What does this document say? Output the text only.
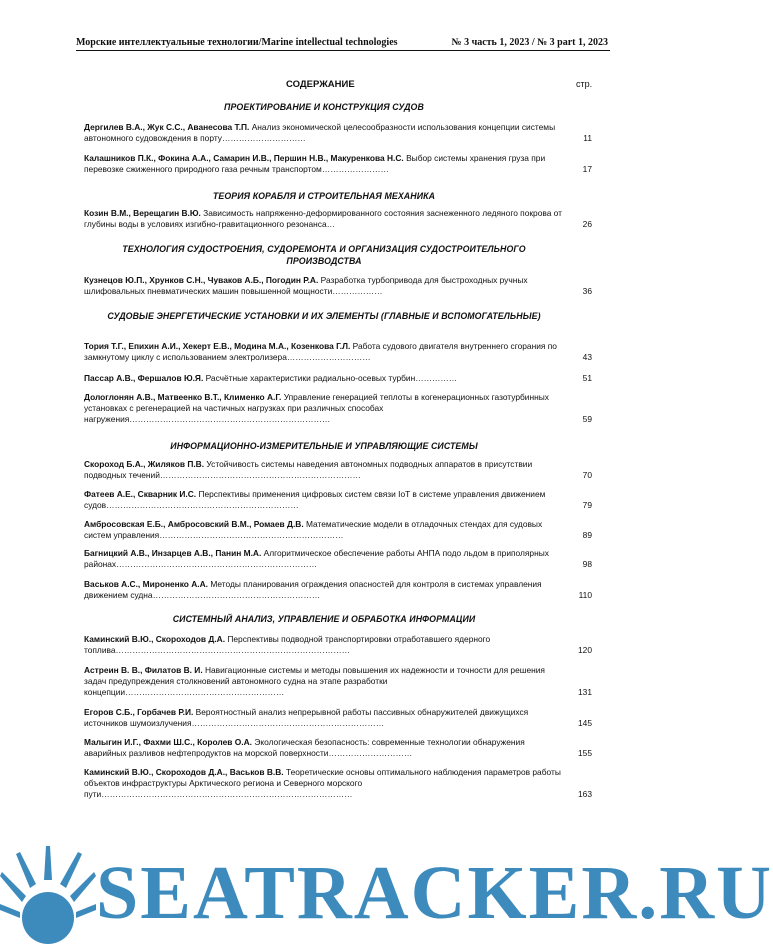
Морские интеллектуальные технологии/Marine intellectual technologies	№ 3 часть 1, 2023 / № 3 part 1, 2023
СОДЕРЖАНИЕ	стр.
ПРОЕКТИРОВАНИЕ И КОНСТРУКЦИЯ СУДОВ
ТЕОРИЯ КОРАБЛЯ И СТРОИТЕЛЬНАЯ МЕХАНИКА
ТЕХНОЛОГИЯ СУДОСТРОЕНИЯ, СУДОРЕМОНТА И ОРГАНИЗАЦИЯ СУДОСТРОИТЕЛЬНОГО ПРОИЗВОДСТВА
СУДОВЫЕ ЭНЕРГЕТИЧЕСКИЕ УСТАНОВКИ И ИХ ЭЛЕМЕНТЫ (ГЛАВНЫЕ И ВСПОМОГАТЕЛЬНЫЕ)
ИНФОРМАЦИОННО-ИЗМЕРИТЕЛЬНЫЕ И УПРАВЛЯЮЩИЕ СИСТЕМЫ
СИСТЕМНЫЙ АНАЛИЗ, УПРАВЛЕНИЕ И ОБРАБОТКА ИНФОРМАЦИИ
Дергилев В.А., Жук С.С., Аванесова Т.П. Анализ экономической целесообразности использования концепции системы автономного судовождения в порту…………………………	11
Калашников П.К., Фокина А.А., Самарин И.В., Першин Н.В., Макуренкова Н.С. Выбор системы хранения груза при перевозке сжиженного природного газа речным транспортом……………………	17
Козин В.М., Верещагин В.Ю. Зависимость напряженно-деформированного состояния заснеженного ледяного покрова от глубины воды в условиях изгибно-гравитационного резонанса…	26
Кузнецов Ю.П., Хрунков С.Н., Чуваков А.Б., Погодин Р.А. Разработка турбопривода для быстроходных ручных шлифовальных пневматических машин повышенной мощности………………	36
Тория Т.Г., Епихин А.И., Хекерт Е.В., Модина М.А., Козенкова Г.Л. Работа судового двигателя внутреннего сгорания по замкнутому циклу с использованием электролизера…………………………	43
Пассар А.В., Фершалов Ю.Я. Расчётные характеристики радиально-осевых турбин……………	51
Дологлонян А.В., Матвеенко В.Т., Клименко А.Г. Управление генерацией теплоты в когенерационных газотурбинных установках с регенерацией на частичных нагрузках при различных способах нагружения………………………………………………………………	59
Скороход Б.А., Жиляков П.В. Устойчивость системы наведения автономных подводных аппаратов в присутствии подводных течений………………………………………………………………	70
Фатеев А.Е., Скварник И.С. Перспективы применения цифровых систем связи IoT в системе управления движением судов……………………………………………………………	79
Амбросовская Е.Б., Амбросовский В.М., Ромаев Д.В. Математические модели в отладочных стендах для судовых систем управления…………………………………………………………	89
Багницкий А.В., Инзарцев А.В., Панин М.А. Алгоритмическое обеспечение работы АНПА подо льдом в приполярных районах………………………………………………………………	98
Васьков А.С., Мироненко А.А. Методы планирования ограждения опасностей для контроля в системах управления движением судна……………………………………………………	110
Каминский В.Ю., Скороходов Д.А. Перспективы подводной транспортировки отработавшего ядерного топлива…………………………………………………………………………	120
Астреин В. В., Филатов В. И. Навигационные системы и методы повышения их надежности и точности для решения задач предупреждения столкновений автономного судна на этапе разработки концепции…………………………………………………	131
Егоров С.Б., Горбачев Р.И. Вероятностный анализ непрерывной работы пассивных обнаружителей движущихся источников шумоизлучения……………………………………………………………	145
Малыгин И.Г., Фахми Ш.С., Королев О.А. Экологическая безопасность: современные технологии обнаружения аварийных разливов нефтепродуктов на морской поверхности…………………………	155
Каминский В.Ю., Скороходов Д.А., Васьков В.В. Теоретические основы оптимального наблюдения параметров работы объектов инфраструктуры Арктического региона и Северного морского пути………………………………………………………………………………	163
SEATRACKER.RU
